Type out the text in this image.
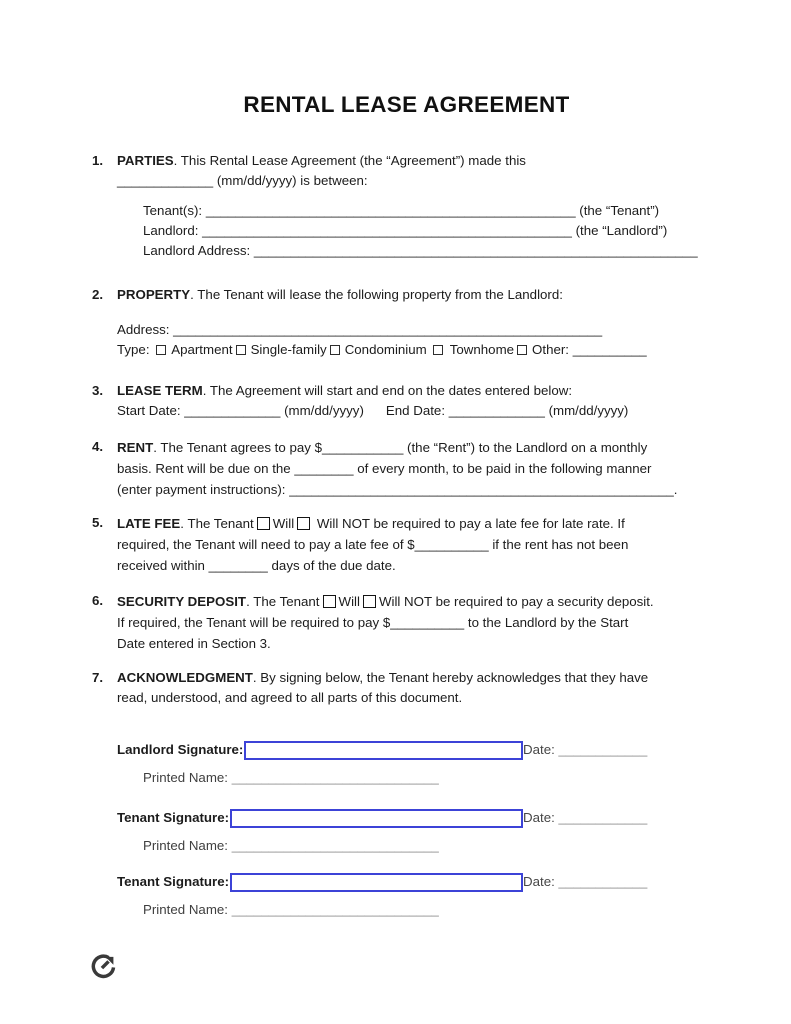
RENTAL LEASE AGREEMENT
1.	PARTIES. This Rental Lease Agreement (the “Agreement”) made this
_____________ (mm/dd/yyyy) is between:
Tenant(s): __________________________________________________ (the “Tenant”)
Landlord: __________________________________________________ (the “Landlord”)
Landlord Address: ____________________________________________________________
2.	PROPERTY. The Tenant will lease the following property from the Landlord:
Address: __________________________________________________________
Type: Apartment Single-family Condominium Townhome Other: __________
3.	LEASE TERM. The Agreement will start and end on the dates entered below:
Start Date: _____________ (mm/dd/yyyy) End Date: _____________ (mm/dd/yyyy)
4.	RENT. The Tenant agrees to pay $___________ (the “Rent”) to the Landlord on a monthly
basis. Rent will be due on the ________ of every month, to be paid in the following manner
(enter payment instructions): ____________________________________________________.
5.	LATE FEE. The Tenant Will Will NOT be required to pay a late fee for late rate. If
required, the Tenant will need to pay a late fee of $__________ if the rent has not been
received within ________ days of the due date.
6.	SECURITY DEPOSIT. The Tenant Will Will NOT be required to pay a security deposit.
If required, the Tenant will be required to pay $__________ to the Landlord by the Start
Date entered in Section 3.
7.	ACKNOWLEDGMENT. By signing below, the Tenant hereby acknowledges that they have
read, understood, and agreed to all parts of this document.
Landlord Signature:	Date: ____________
Printed Name: ____________________________
Tenant Signature:	Date: ____________
Printed Name: ____________________________
Tenant Signature:	Date: ____________
Printed Name: ____________________________
